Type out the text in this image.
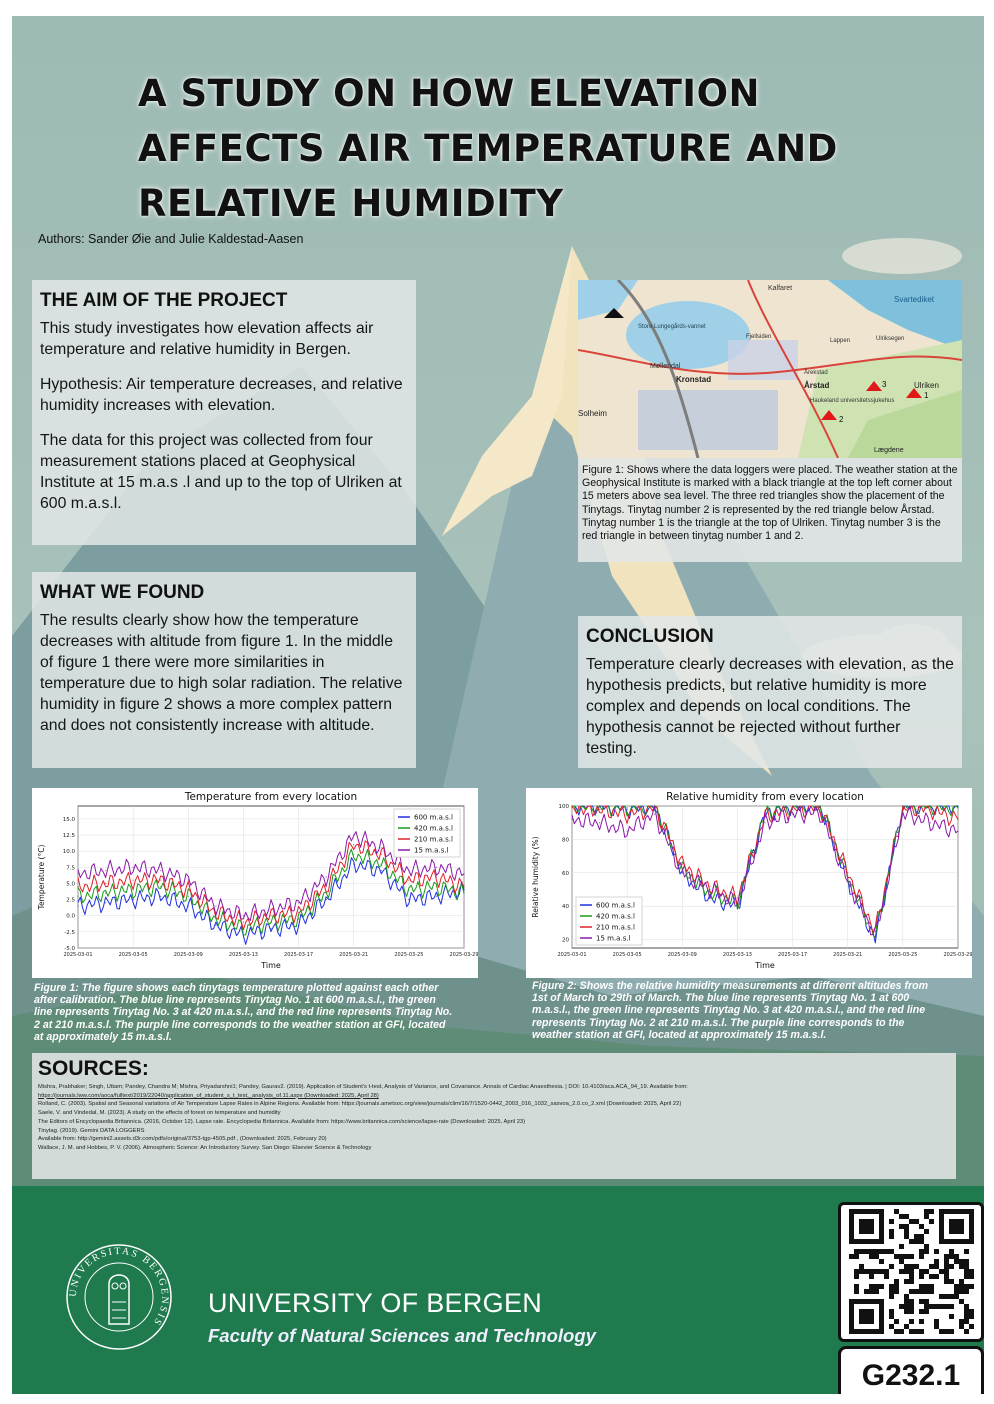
A STUDY ON HOW ELEVATION AFFECTS AIR TEMPERATURE AND RELATIVE HUMIDITY
Authors: Sander Øie and Julie Kaldestad-Aasen
THE AIM OF THE PROJECT

This study investigates how elevation affects air temperature and relative humidity in Bergen.

Hypothesis: Air temperature decreases, and relative humidity increases with elevation.

The data for this project was collected from four measurement stations placed at Geophysical Institute at 15 m.a.s .l and up to the top of Ulriken at 600 m.a.s.l.

WHAT WE FOUND

The results clearly show how the temperature decreases with altitude from figure 1. In the middle of figure 1 there were more similarities in temperature due to high solar radiation. The relative humidity in figure 2 shows a more complex pattern and does not consistently increase with altitude.

CONCLUSION

Temperature clearly decreases with elevation, as the hypothesis predicts, but relative humidity is more complex and depends on local conditions. The hypothesis cannot be rejected without further testing.

Kalfaret
Store Lungegårds-vannet
Møllendal
Kronstad
Fjellsiden
Årstad
Haukeland universitetssjukehus
Ulriken
Lægdene
Solheim
Svartediket
Ulriksegen
Lappen
Årekstad
1
2
3
Figure 1: Shows where the data loggers were placed. The weather station at the Geophysical Institute is marked with a black triangle at the top left corner about 15 meters above sea level. The three red triangles show the placement of the Tinytags. Tinytag number 2 is represented by the red triangle below Årstad. Tinytag number 1 is the triangle at the top of Ulriken. Tinytag number 3 is the red triangle in between tinytag number 1 and 2.
Temperature from every location
-5.0
-2.5
0.0
2.5
5.0
7.5
10.0
12.5
15.0
2025-03-01	2025-03-05	2025-03-09	2025-03-13	2025-03-17	2025-03-21	2025-03-25	2025-03-29
Time
Temperature (°C)
600 m.a.s.l
420 m.a.s.l
210 m.a.s.l
15 m.a.s.l
Relative humidity from every location
20
40
60
80
100
2025-03-01	2025-03-05	2025-03-09	2025-03-13	2025-03-17	2025-03-21	2025-03-25	2025-03-29
Time
Relative humidity (%)	600 m.a.s.l
420 m.a.s.l
210 m.a.s.l
15 m.a.s.l
Figure 1: The figure shows each tinytags temperature plotted against each other after calibration. The blue line represents Tinytag No. 1 at 600 m.a.s.l., the green line represents Tinytag No. 3 at 420 m.a.s.l., and the red line represents Tinytag No. 2 at 210 m.a.s.l. The purple line corresponds to the weather station at GFI, located at approximately 15 m.a.s.l.
Figure 2: Shows the relative humidity measurements at different altitudes from 1st of March to 29th of March. The blue line represents Tinytag No. 1 at 600 m.a.s.l., the green line represents Tinytag No. 3 at 420 m.a.s.l., and the red line represents Tinytag No. 2 at 210 m.a.s.l. The purple line corresponds to the weather station at GFI, located at approximately 15 m.a.s.l.
SOURCES:
Mishra, Prabhaker; Singh, Uttam; Pandey, Chandra M; Mishra, Priyadarshni1; Pandey, Gaurav2. (2019). Application of Student's t-test, Analysis of Variance, and Covariance. Annals of Cardiac Anaesthesia. | DOI: 10.4103/aca.ACA_94_19. Available from:
https://journals.lww.com/aoca/fulltext/2019/22040/application_of_student_s_t_test,_analysis_of.11.aspx (Downloaded: 2025, April 28)
Rolland, C. (2003). Spatial and Seasonal variations of Air Temperature Lapse Rates in Alpine Regions. Available from: https://journals.ametsoc.org/view/journals/clim/16/7/1520-0442_2003_016_1032_sasvoa_2.0.co_2.xml (Downloaded: 2025, April 22)
Saele, V. and Vindedal, M. (2023). A study on the effects of forest on temperature and humidity
The Editors of Encyclopaedia Britannica. (2016, October 12). Lapse rate. Encyclopedia Britannica. Available from: https://www.britannica.com/science/lapse-rate (Downloaded: 2025, April 23)
Tinytag. (2019). Gemini DATA LOGGERS
Available from: http://gemini2.assets.d3r.com/pdfs/original/3753-tgp-4505.pdf , (Downloaded: 2025, February 20)
Wallace, J. M. and Hobbes, P. V. (2006). Atmospheric Science: An Introductory Survey. San Diego: Elsevier Science & Technology
UNIVERSITAS BERGENSIS
UNIVERSITY OF BERGEN
Faculty of Natural Sciences and Technology
G232.1
